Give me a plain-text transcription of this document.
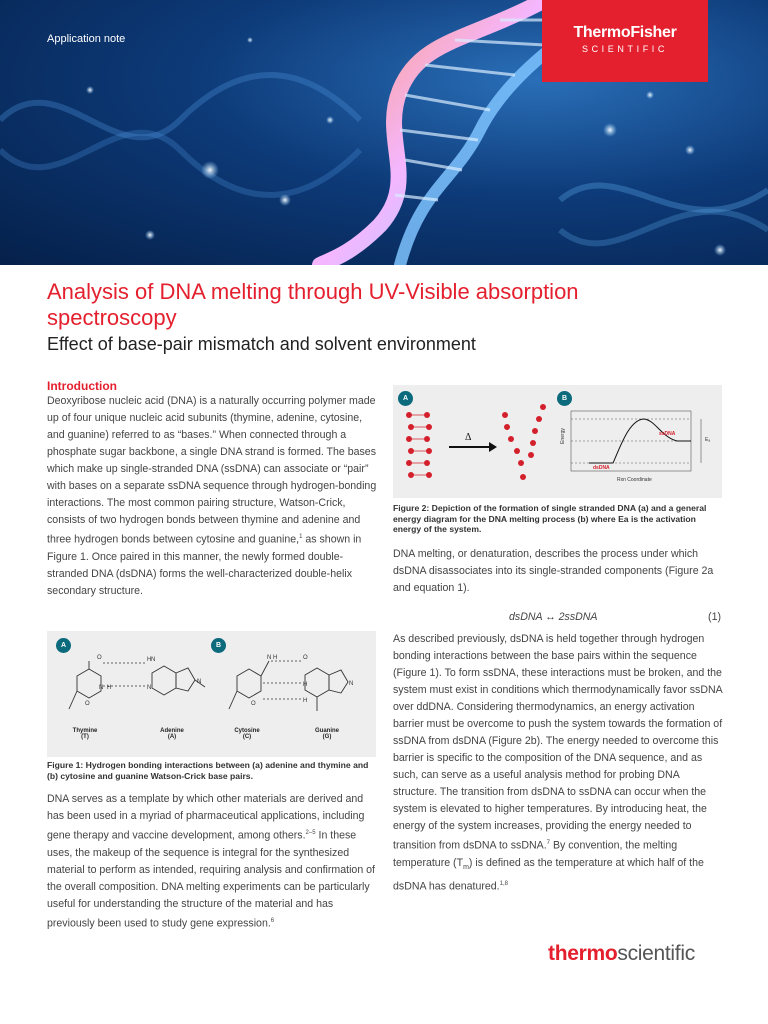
Application note	ThermoFisher
SCIENTIFIC
Analysis of DNA melting through UV-Visible absorption spectroscopy
Effect of base-pair mismatch and solvent environment
Introduction

Deoxyribose nucleic acid (DNA) is a naturally occurring polymer made up of four unique nucleic acid subunits (thymine, adenine, cytosine, and guanine) referred to as “bases.” When connected through a phosphate sugar backbone, a single DNA strand is formed. The bases which make up single-stranded DNA (ssDNA) can associate or “pair” with bases on a separate ssDNA sequence through hydrogen-bonding interactions. The most common pairing structure, Watson-Crick, consists of two hydrogen bonds between thymine and adenine and three hydrogen bonds between cytosine and guanine,$^1$ as shown in Figure 1. Once paired in this manner, the newly formed double-stranded DNA (dsDNA) forms the well-characterized double-helix secondary structure.

A	B
O
N H
O
H N
N
N
N H
O
O
H
H
N
Thymine
(T)
Adenine
(A)
Cytosine
(C)
Guanine
(G)
Figure 1: Hydrogen bonding interactions between (a) adenine and thymine and (b) cytosine and guanine Watson-Crick base pairs.
DNA serves as a template by which other materials are derived and has been used in a myriad of pharmaceutical applications, including gene therapy and vaccine development, among others.$^{2-5}$ In these uses, the makeup of the sequence is integral for the synthesized material to perform as intended, requiring analysis and confirmation of the overall composition. DNA melting experiments can be particularly useful for understanding the structure of the material and has previously been used to study gene expression.$^6$
A	B
Δ	Energy	ssDNA
dsDNA
Eₐ
Rxn Coordinate
Figure 2: Depiction of the formation of single stranded DNA (a) and a general energy diagram for the DNA melting process (b) where Ea is the activation energy of the system.
DNA melting, or denaturation, describes the process under which dsDNA disassociates into its single-stranded components (Figure 2a and equation 1).
dsDNA ↔ 2ssDNA	(1)
As described previously, dsDNA is held together through hydrogen bonding interactions between the base pairs within the sequence (Figure 1). To form ssDNA, these interactions must be broken, and the system must exist in conditions which thermodynamically favor ssDNA over ddDNA. Considering thermodynamics, an energy activation barrier must be overcome to push the system towards the formation of ssDNA from dsDNA (Figure 2b). The energy needed to overcome this barrier is specific to the composition of the DNA sequence, and as such, can serve as a useful analysis method for probing DNA structure. The transition from dsDNA to ssDNA can occur when the system is elevated to higher temperatures. By introducing heat, the energy of the system increases, providing the energy needed to transition from dsDNA to ssDNA.$^7$ By convention, the melting temperature $(T_m)$ is defined as the temperature at which half of the dsDNA has denatured.$^{1,8}$
thermoscientific
